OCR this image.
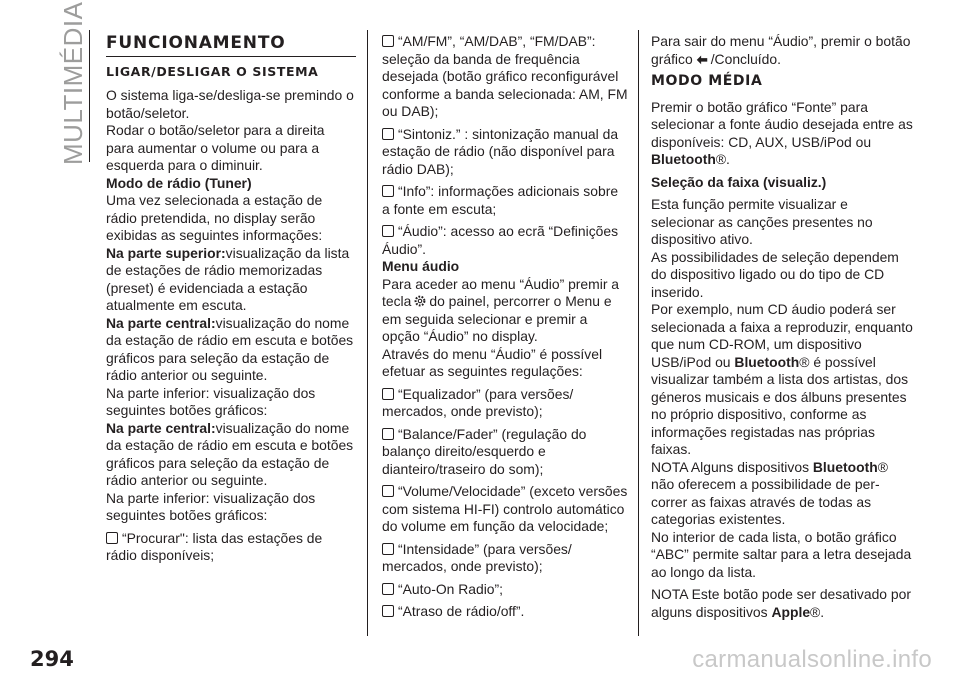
MULTIMÉDIA
294	carmanualsonline.info
FUNCIONAMENTO
LIGAR/DESLIGAR O SISTEMA

O sistema liga-se/desliga-se premindo o botão/seletor.

Rodar o botão/seletor para a direita para aumentar o volume ou para a esquerda para o diminuir.

Modo de rádio (Tuner)

Uma vez selecionada a estação de rádio pretendida, no display serão exibidas as seguintes informações:

Na parte superior:visualização da lista de estações de rádio memorizadas (preset) é evidenciada a estação atualmente em escuta.

Na parte central:visualização do nome da estação de rádio em escuta e botões gráficos para seleção da estação de rádio anterior ou seguinte.

Na parte inferior: visualização dos seguintes botões gráficos:

Na parte central:visualização do nome da estação de rádio em escuta e botões gráficos para seleção da estação de rádio anterior ou seguinte.

Na parte inferior: visualização dos seguintes botões gráficos:

“Procurar": lista das estações de rádio disponíveis;

“AM/FM”, “AM/DAB”, “FM/DAB”: seleção da banda de frequência desejada (botão gráfico reconfigurável conforme a banda selecionada: AM, FM ou DAB);

“Sintoniz.” : sintonização manual da estação de rádio (não disponível para rádio DAB);

“Info”: informações adicionais sobre a fonte em escuta;

“Áudio”: acesso ao ecrã “Definições Áudio”.

Menu áudio

Para aceder ao menu “Áudio” premir a tecla do painel, percorrer o Menu e em seguida selecionar e premir a opção “Áudio” no display.

Através do menu “Áudio” é possível efetuar as seguintes regulações:

“Equalizador” (para versões/ mercados, onde previsto);

“Balance/Fader” (regulação do balanço direito/esquerdo e dianteiro/traseiro do som);

“Volume/Velocidade” (exceto versões com sistema HI-FI) controlo automático do volume em função da velocidade;

“Intensidade” (para versões/ mercados, onde previsto);

“Auto-On Radio”;

“Atraso de rádio/off”.

Para sair do menu “Áudio”, premir o botão gráfico /Concluído.

MODO MÉDIA

Premir o botão gráfico “Fonte” para selecionar a fonte áudio desejada entre as disponíveis: CD, AUX, USB/iPod ou Bluetooth®.

Seleção da faixa (visualiz.)

Esta função permite visualizar e selecionar as canções presentes no dispositivo ativo.

As possibilidades de seleção dependem do dispositivo ligado ou do tipo de CD inserido.

Por exemplo, num CD áudio poderá ser selecionada a faixa a reproduzir, enquanto que num CD-ROM, um dispositivo USB/iPod ou Bluetooth® é possível visualizar também a lista dos artistas, dos géneros musicais e dos álbuns presentes no próprio dispositivo, conforme as informações registadas nas próprias faixas.

NOTA Alguns dispositivos Bluetooth® não oferecem a possibilidade de per- correr as faixas através de todas as categorias existentes.

No interior de cada lista, o botão gráfico “ABC” permite saltar para a letra desejada ao longo da lista.

NOTA Este botão pode ser desativado por alguns dispositivos Apple®.
